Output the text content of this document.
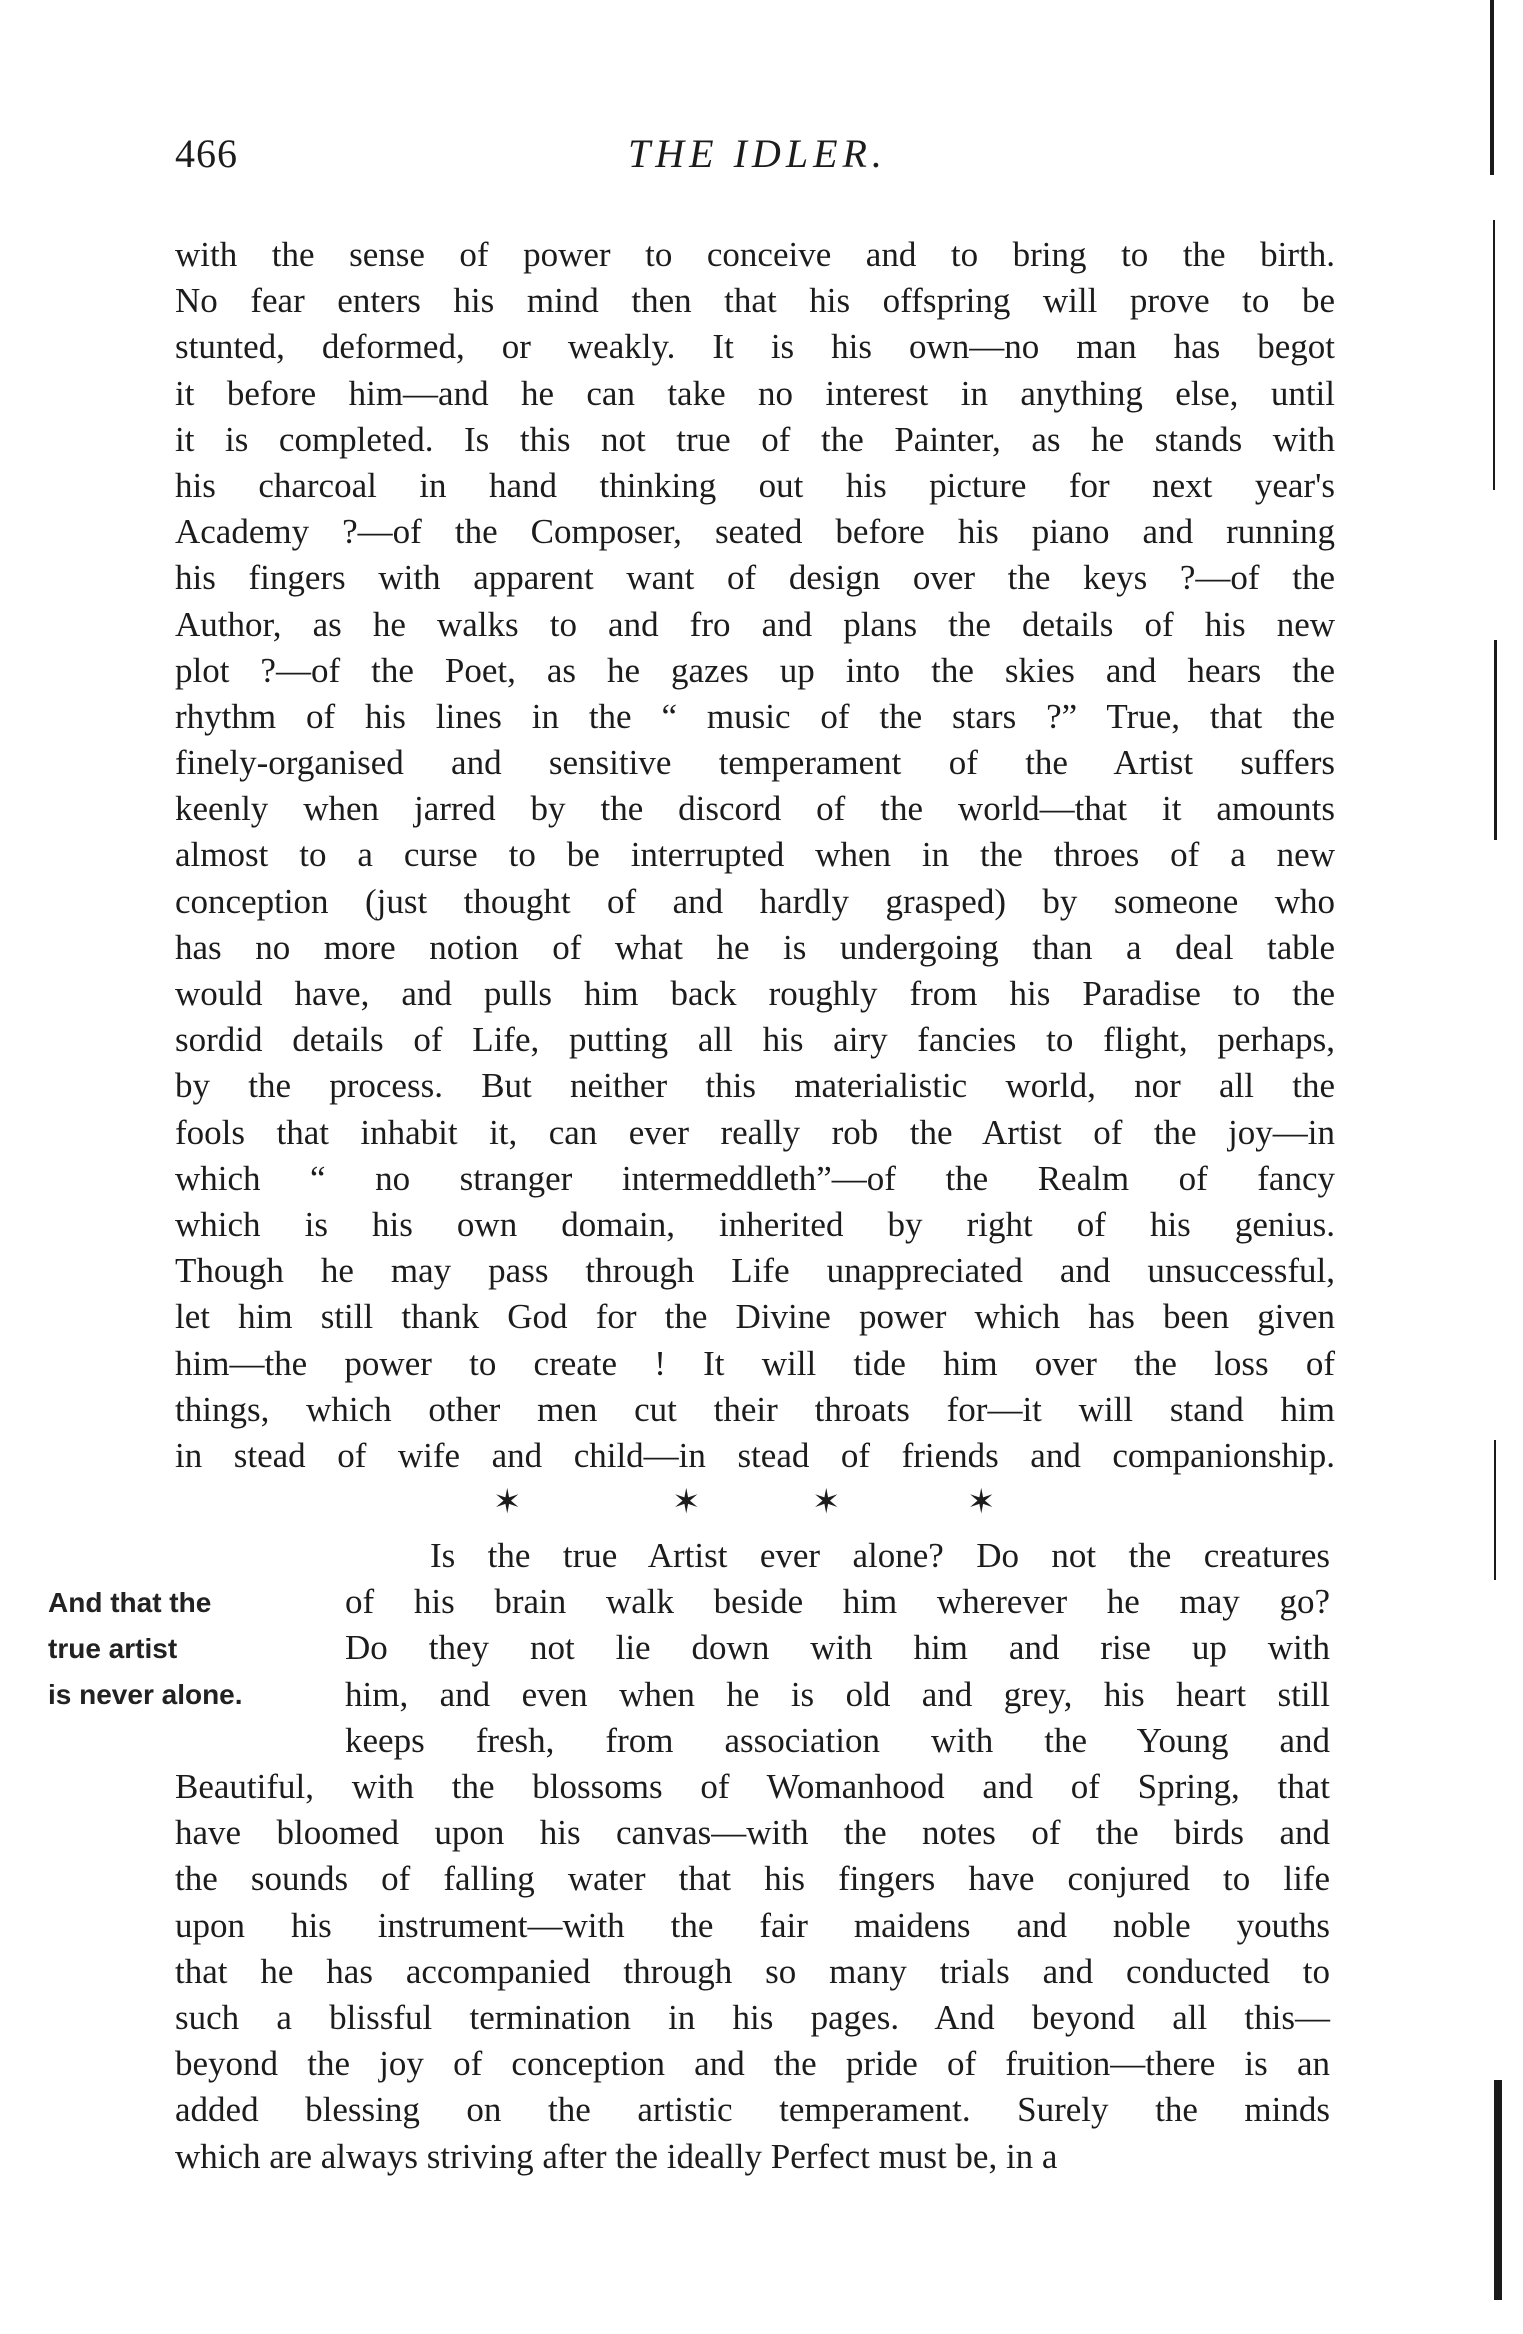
466	THE IDLER.
with the sense of power to conceive and to bring to the birth.
No fear enters his mind then that his offspring will prove to be
stunted, deformed, or weakly. It is his own—no man has begot
it before him—and he can take no interest in anything else, until
it is completed. Is this not true of the Painter, as he stands with
his charcoal in hand thinking out his picture for next year's
Academy ?—of the Composer, seated before his piano and running
his fingers with apparent want of design over the keys ?—of the
Author, as he walks to and fro and plans the details of his new
plot ?—of the Poet, as he gazes up into the skies and hears the
rhythm of his lines in the “ music of the stars ?” True, that the
finely-organised and sensitive temperament of the Artist suffers
keenly when jarred by the discord of the world—that it amounts
almost to a curse to be interrupted when in the throes of a new
conception (just thought of and hardly grasped) by someone who
has no more notion of what he is undergoing than a deal table
would have, and pulls him back roughly from his Paradise to the
sordid details of Life, putting all his airy fancies to flight, perhaps,
by the process. But neither this materialistic world, nor all the
fools that inhabit it, can ever really rob the Artist of the joy—in
which “ no stranger intermeddleth”—of the Realm of fancy
which is his own domain, inherited by right of his genius.
Though he may pass through Life unappreciated and unsuccessful,
let him still thank God for the Divine power which has been given
him—the power to create ! It will tide him over the loss of
things, which other men cut their throats for—it will stand him
in stead of wife and child—in stead of friends and companionship.
✶	✶	✶	✶
And that the
true artist
is never alone.
Is the true Artist ever alone? Do not the creatures
of his brain walk beside him wherever he may go?
Do they not lie down with him and rise up with
him, and even when he is old and grey, his heart still
keeps fresh, from association with the Young and
Beautiful, with the blossoms of Womanhood and of Spring, that
have bloomed upon his canvas—with the notes of the birds and
the sounds of falling water that his fingers have conjured to life
upon his instrument—with the fair maidens and noble youths
that he has accompanied through so many trials and conducted to
such a blissful termination in his pages. And beyond all this—
beyond the joy of conception and the pride of fruition—there is an
added blessing on the artistic temperament. Surely the minds
which are always striving after the ideally Perfect must be, in a
